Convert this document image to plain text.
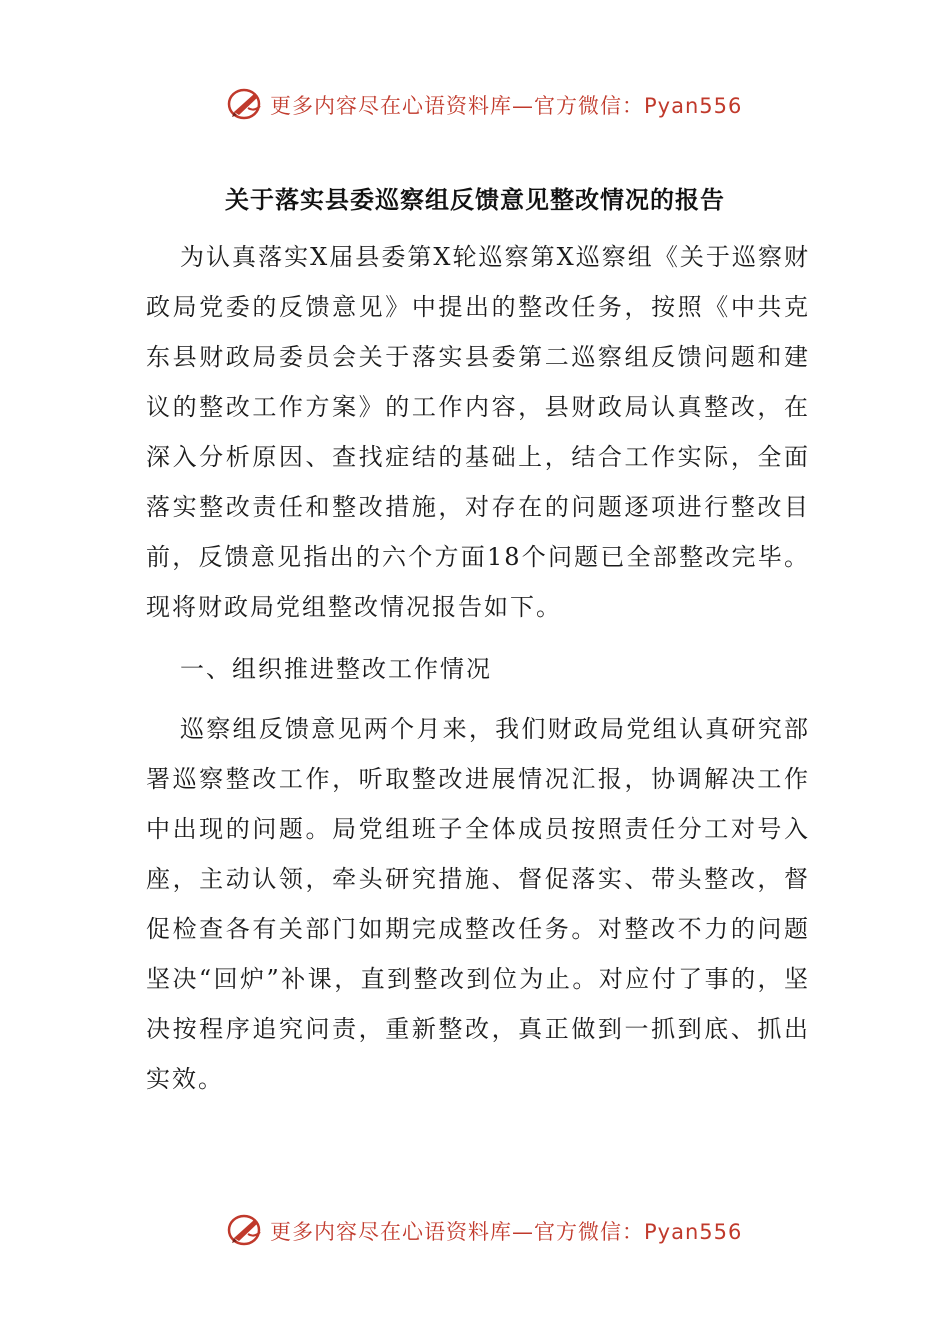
更多内容尽在心语资料库—官方微信：Pyan556
关于落实县委巡察组反馈意见整改情况的报告
为认真落实X届县委第X轮巡察第X巡察组《关于巡察财政局党委的反馈意见》中提出的整改任务，按照《中共克东县财政局委员会关于落实县委第二巡察组反馈问题和建议的整改工作方案》的工作内容，县财政局认真整改，在深入分析原因、查找症结的基础上，结合工作实际，全面落实整改责任和整改措施，对存在的问题逐项进行整改目前，反馈意见指出的六个方面18个问题已全部整改完毕。现将财政局党组整改情况报告如下。
一、组织推进整改工作情况
巡察组反馈意见两个月来，我们财政局党组认真研究部署巡察整改工作，听取整改进展情况汇报，协调解决工作中出现的问题。局党组班子全体成员按照责任分工对号入座，主动认领，牵头研究措施、督促落实、带头整改，督促检查各有关部门如期完成整改任务。对整改不力的问题坚决“回炉”补课，直到整改到位为止。对应付了事的，坚决按程序追究问责，重新整改，真正做到一抓到底、抓出实效。
更多内容尽在心语资料库—官方微信：Pyan556
